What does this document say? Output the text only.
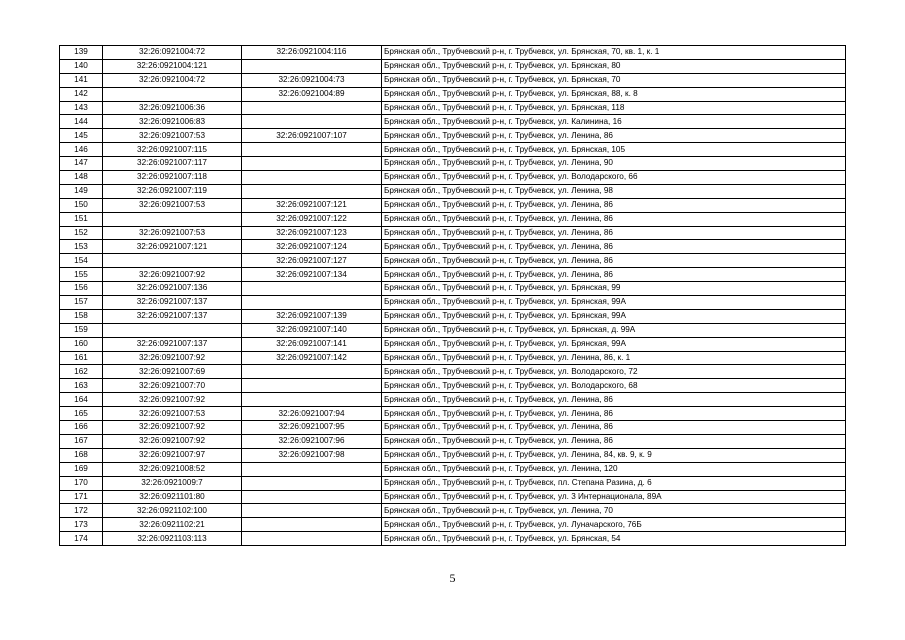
139	32:26:0921004:72	32:26:0921004:116	Брянская обл., Трубчевский р-н, г. Трубчевск, ул. Брянская, 70, кв. 1, к. 1
140	32:26:0921004:121		Брянская обл., Трубчевский р-н, г. Трубчевск, ул. Брянская, 80
141	32:26:0921004:72	32:26:0921004:73	Брянская обл., Трубчевский р-н, г. Трубчевск, ул. Брянская, 70
142		32:26:0921004:89	Брянская обл., Трубчевский р-н, г. Трубчевск, ул. Брянская, 88, к. 8
143	32:26:0921006:36		Брянская обл., Трубчевский р-н, г. Трубчевск, ул. Брянская, 118
144	32:26:0921006:83		Брянская обл., Трубчевский р-н, г. Трубчевск, ул. Калинина, 16
145	32:26:0921007:53	32:26:0921007:107	Брянская обл., Трубчевский р-н, г. Трубчевск, ул. Ленина, 86
146	32:26:0921007:115		Брянская обл., Трубчевский р-н, г. Трубчевск, ул. Брянская, 105
147	32:26:0921007:117		Брянская обл., Трубчевский р-н, г. Трубчевск, ул. Ленина, 90
148	32:26:0921007:118		Брянская обл., Трубчевский р-н, г. Трубчевск, ул. Володарского, 66
149	32:26:0921007:119		Брянская обл., Трубчевский р-н, г. Трубчевск, ул. Ленина, 98
150	32:26:0921007:53	32:26:0921007:121	Брянская обл., Трубчевский р-н, г. Трубчевск, ул. Ленина, 86
151		32:26:0921007:122	Брянская обл., Трубчевский р-н, г. Трубчевск, ул. Ленина, 86
152	32:26:0921007:53	32:26:0921007:123	Брянская обл., Трубчевский р-н, г. Трубчевск, ул. Ленина, 86
153	32:26:0921007:121	32:26:0921007:124	Брянская обл., Трубчевский р-н, г. Трубчевск, ул. Ленина, 86
154		32:26:0921007:127	Брянская обл., Трубчевский р-н, г. Трубчевск, ул. Ленина, 86
155	32:26:0921007:92	32:26:0921007:134	Брянская обл., Трубчевский р-н, г. Трубчевск, ул. Ленина, 86
156	32:26:0921007:136		Брянская обл., Трубчевский р-н, г. Трубчевск, ул. Брянская, 99
157	32:26:0921007:137		Брянская обл., Трубчевский р-н, г. Трубчевск, ул. Брянская, 99А
158	32:26:0921007:137	32:26:0921007:139	Брянская обл., Трубчевский р-н, г. Трубчевск, ул. Брянская, 99А
159		32:26:0921007:140	Брянская обл., Трубчевский р-н, г. Трубчевск, ул. Брянская, д. 99А
160	32:26:0921007:137	32:26:0921007:141	Брянская обл., Трубчевский р-н, г. Трубчевск, ул. Брянская, 99А
161	32:26:0921007:92	32:26:0921007:142	Брянская обл., Трубчевский р-н, г. Трубчевск, ул. Ленина, 86, к. 1
162	32:26:0921007:69		Брянская обл., Трубчевский р-н, г. Трубчевск, ул. Володарского, 72
163	32:26:0921007:70		Брянская обл., Трубчевский р-н, г. Трубчевск, ул. Володарского, 68
164	32:26:0921007:92		Брянская обл., Трубчевский р-н, г. Трубчевск, ул. Ленина, 86
165	32:26:0921007:53	32:26:0921007:94	Брянская обл., Трубчевский р-н, г. Трубчевск, ул. Ленина, 86
166	32:26:0921007:92	32:26:0921007:95	Брянская обл., Трубчевский р-н, г. Трубчевск, ул. Ленина, 86
167	32:26:0921007:92	32:26:0921007:96	Брянская обл., Трубчевский р-н, г. Трубчевск, ул. Ленина, 86
168	32:26:0921007:97	32:26:0921007:98	Брянская обл., Трубчевский р-н, г. Трубчевск, ул. Ленина, 84, кв. 9, к. 9
169	32:26:0921008:52		Брянская обл., Трубчевский р-н, г. Трубчевск, ул. Ленина, 120
170	32:26:0921009:7		Брянская обл., Трубчевский р-н, г. Трубчевск, пл. Степана Разина, д. 6
171	32:26:0921101:80		Брянская обл., Трубчевский р-н, г. Трубчевск, ул. 3 Интернационала, 89А
172	32:26:0921102:100		Брянская обл., Трубчевский р-н, г. Трубчевск, ул. Ленина, 70
173	32:26:0921102:21		Брянская обл., Трубчевский р-н, г. Трубчевск, ул. Луначарского, 76Б
174	32:26:0921103:113		Брянская обл., Трубчевский р-н, г. Трубчевск, ул. Брянская, 54
5
